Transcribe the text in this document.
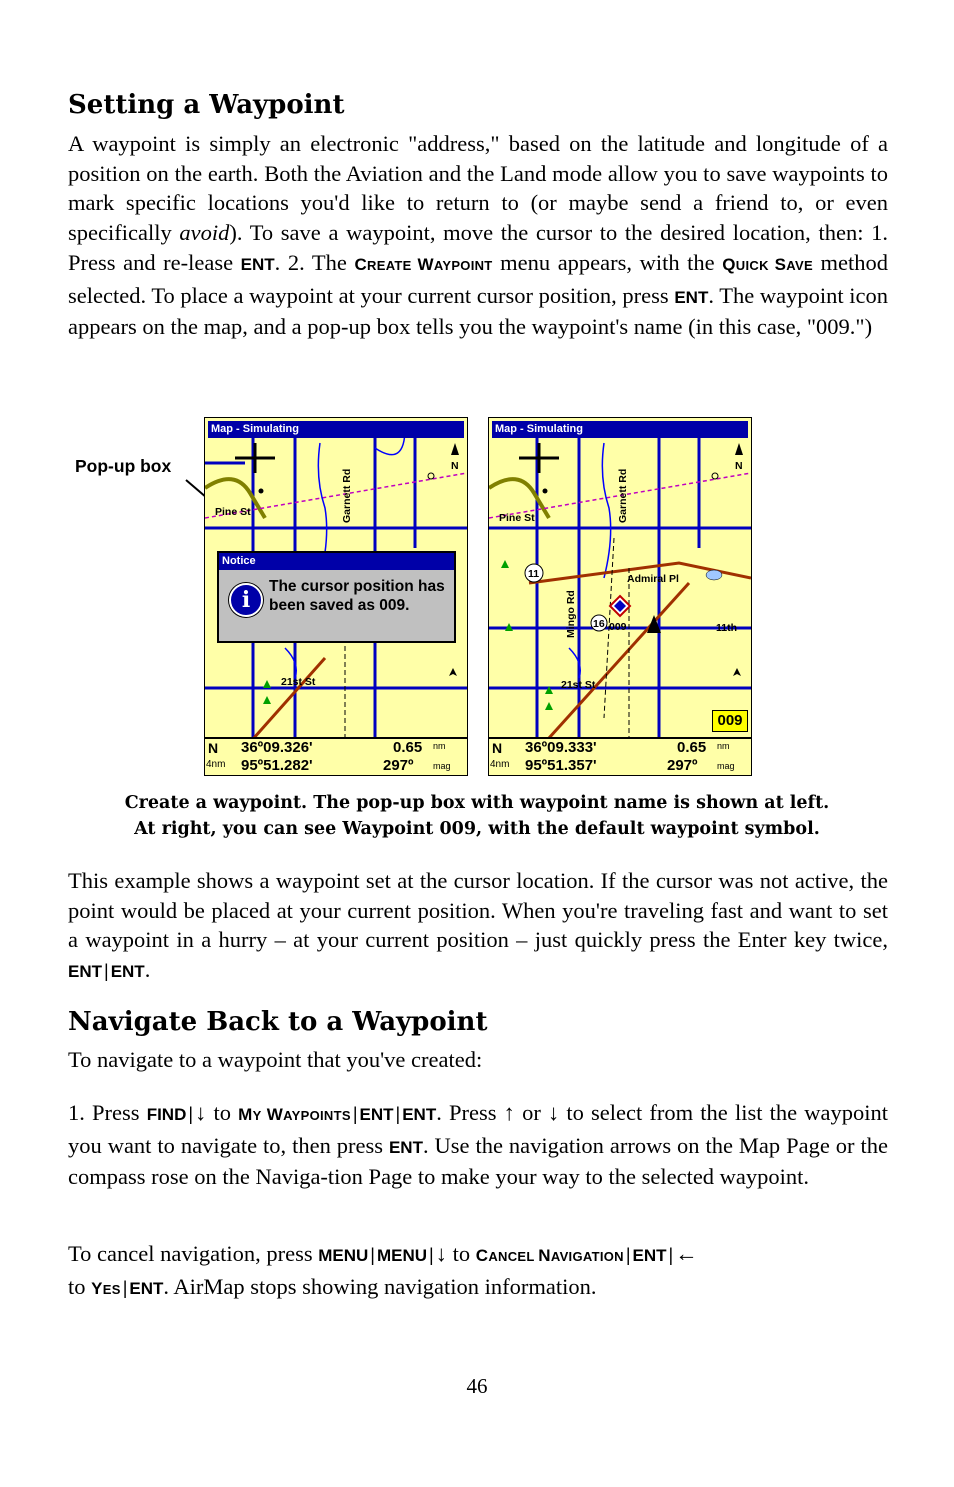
Setting a Waypoint

A waypoint is simply an electronic "address," based on the latitude and longitude of a position on the earth. Both the Aviation and the Land mode allow you to save waypoints to mark specific locations you'd like to return to (or maybe send a friend to, or even specifically avoid). To save a waypoint, move the cursor to the desired location, then: 1. Press and re-lease ENT. 2. The CREATE WAYPOINT menu appears, with the QUICK SAVE method selected. To place a waypoint at your current cursor position, press ENT. The waypoint icon appears on the map, and a pop-up box tells you the waypoint's name (in this case, "009.")

Pop-up box
Pine St	Garnett Rd
21st St
N
Map - Simulating
Notice
i
The cursor position has been saved as 009.
N
4nm
36º09.326'
95º51.282'
0.65 nm
297º mag
11
16
Pine St	Garnett Rd
Mingo Rd
Admiral Pl
009	11th
21st St
N
Map - Simulating
009
N
4nm
36º09.333'
95º51.357'
0.65 nm
297º mag

Create a waypoint. The pop-up box with waypoint name is shown at left.
At right, you can see Waypoint 009, with the default waypoint symbol.

This example shows a waypoint set at the cursor location. If the cursor was not active, the point would be placed at your current position. When you're traveling fast and want to set a waypoint in a hurry – at your current position – just quickly press the Enter key twice, ENT | ENT.

Navigate Back to a Waypoint

To navigate to a waypoint that you've created:

1. Press FIND |↓ to MY WAYPOINTS | ENT | ENT. Press ↑ or ↓ to select from the list the waypoint you want to navigate to, then press ENT. Use the navigation arrows on the Map Page or the compass rose on the Naviga-tion Page to make your way to the selected waypoint.

To cancel navigation, press MENU | MENU |↓ to CANCEL NAVIGATION | ENT |←
to YES | ENT. AirMap stops showing navigation information.

46
